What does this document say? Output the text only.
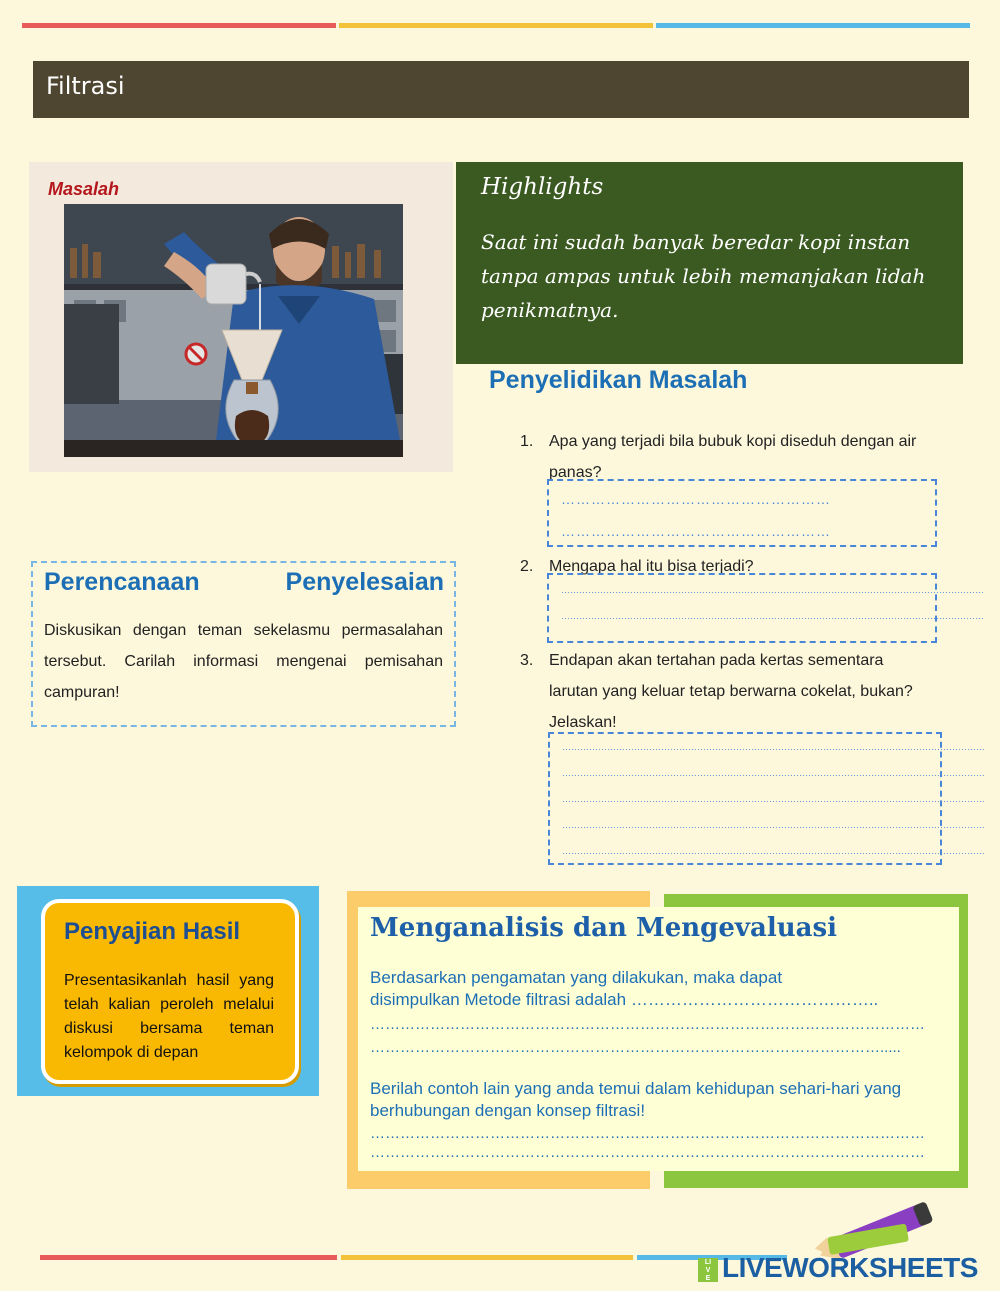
Filtrasi
Masalah	Highlights
Saat ini sudah banyak beredar kopi instan tanpa ampas untuk lebih memanjakan lidah penikmatnya.
Penyelidikan Masalah
1. Apa yang terjadi bila bubuk kopi diseduh dengan air panas?
………………………………………………
………………………………………………
2. Mengapa hal itu bisa terjadi?
……………………………………………………………………………………………………………………………
……………………………………………………………………………………………………………………………
3. Endapan akan tertahan pada kertas sementara larutan yang keluar tetap berwarna cokelat, bukan? Jelaskan!
……………………………………………………………………………………………………………………………
……………………………………………………………………………………………………………………………
……………………………………………………………………………………………………………………………
……………………………………………………………………………………………………………………………
……………………………………………………………………………………………………………………………
Perencanaan Penyelesaian
Diskusikan dengan teman sekelasmu permasalahan tersebut. Carilah informasi mengenai pemisahan campuran!
Penyajian Hasil
Presentasikanlah hasil yang telah kalian peroleh melalui diskusi bersama teman kelompok di depan
Menganalisis dan Mengevaluasi
Berdasarkan pengamatan yang dilakukan, maka dapat
disimpulkan Metode filtrasi adalah ……………………………………..
…………………………………………………………………………………………………
………………………………………………………………………………………….....
Berilah contoh lain yang anda temui dalam kehidupan sehari-hari yang berhubungan dengan konsep filtrasi!
…………………………………………………………………………………………………
…………………………………………………………………………………………………
LIVE LIVEWORKSHEETS
